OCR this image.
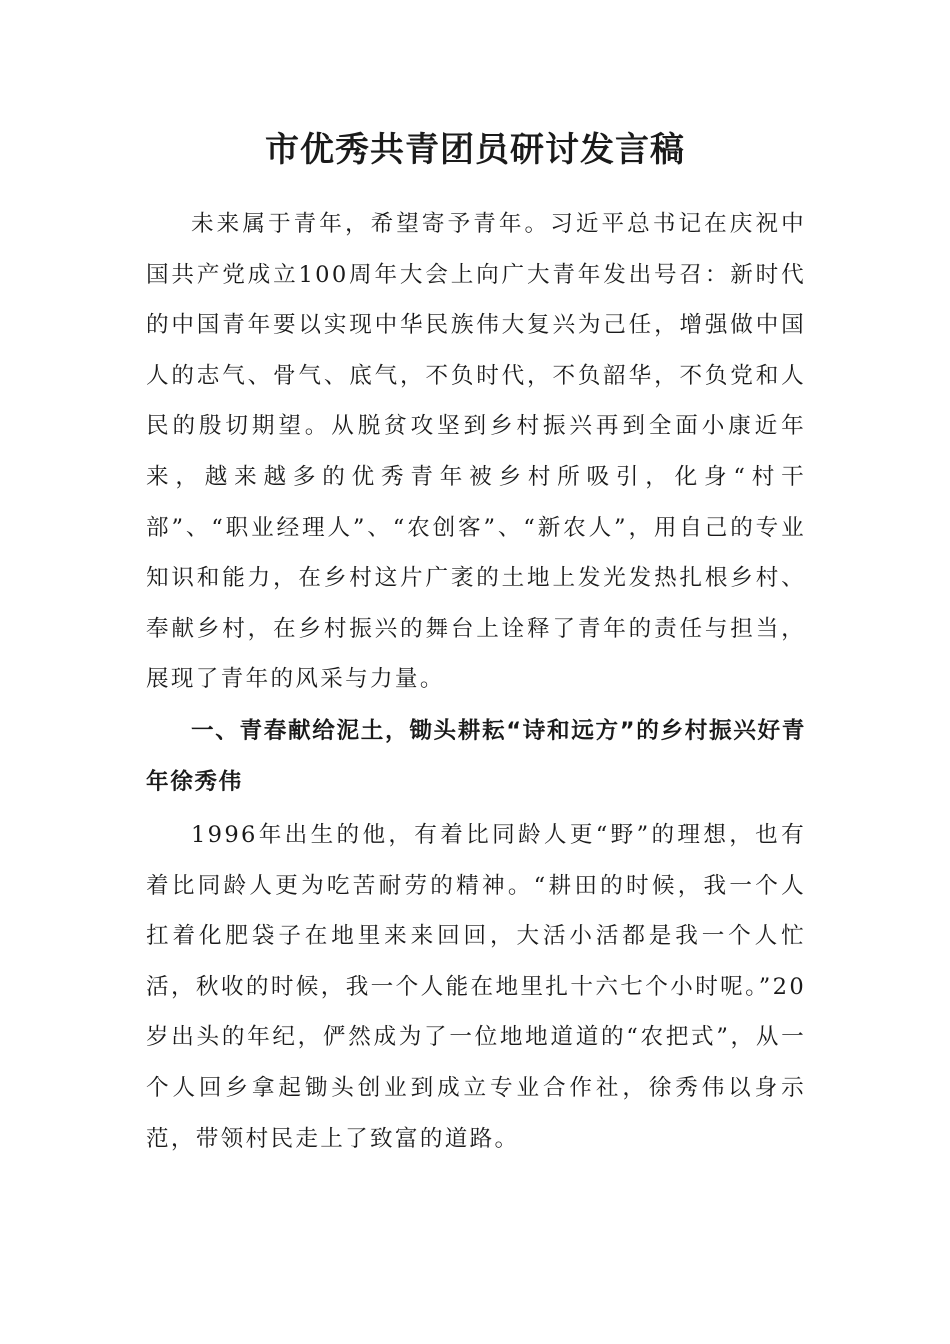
市优秀共青团员研讨发言稿

未来属于青年，希望寄予青年。习近平总书记在庆祝中国共产党成立100周年大会上向广大青年发出号召：新时代的中国青年要以实现中华民族伟大复兴为己任，增强做中国人的志气、骨气、底气，不负时代，不负韶华，不负党和人民的殷切期望。从脱贫攻坚到乡村振兴再到全面小康近年来，越来越多的优秀青年被乡村所吸引，化身“村干部”、“职业经理人”、“农创客”、“新农人”，用自己的专业知识和能力，在乡村这片广袤的土地上发光发热扎根乡村、奉献乡村，在乡村振兴的舞台上诠释了青年的责任与担当，展现了青年的风采与力量。

一、青春献给泥土，锄头耕耘“诗和远方”的乡村振兴好青年徐秀伟

1996年出生的他，有着比同龄人更“野”的理想，也有着比同龄人更为吃苦耐劳的精神。“耕田的时候，我一个人扛着化肥袋子在地里来来回回，大活小活都是我一个人忙活，秋收的时候，我一个人能在地里扎十六七个小时呢。”20岁出头的年纪，俨然成为了一位地地道道的“农把式”，从一个人回乡拿起锄头创业到成立专业合作社，徐秀伟以身示范，带领村民走上了致富的道路。
